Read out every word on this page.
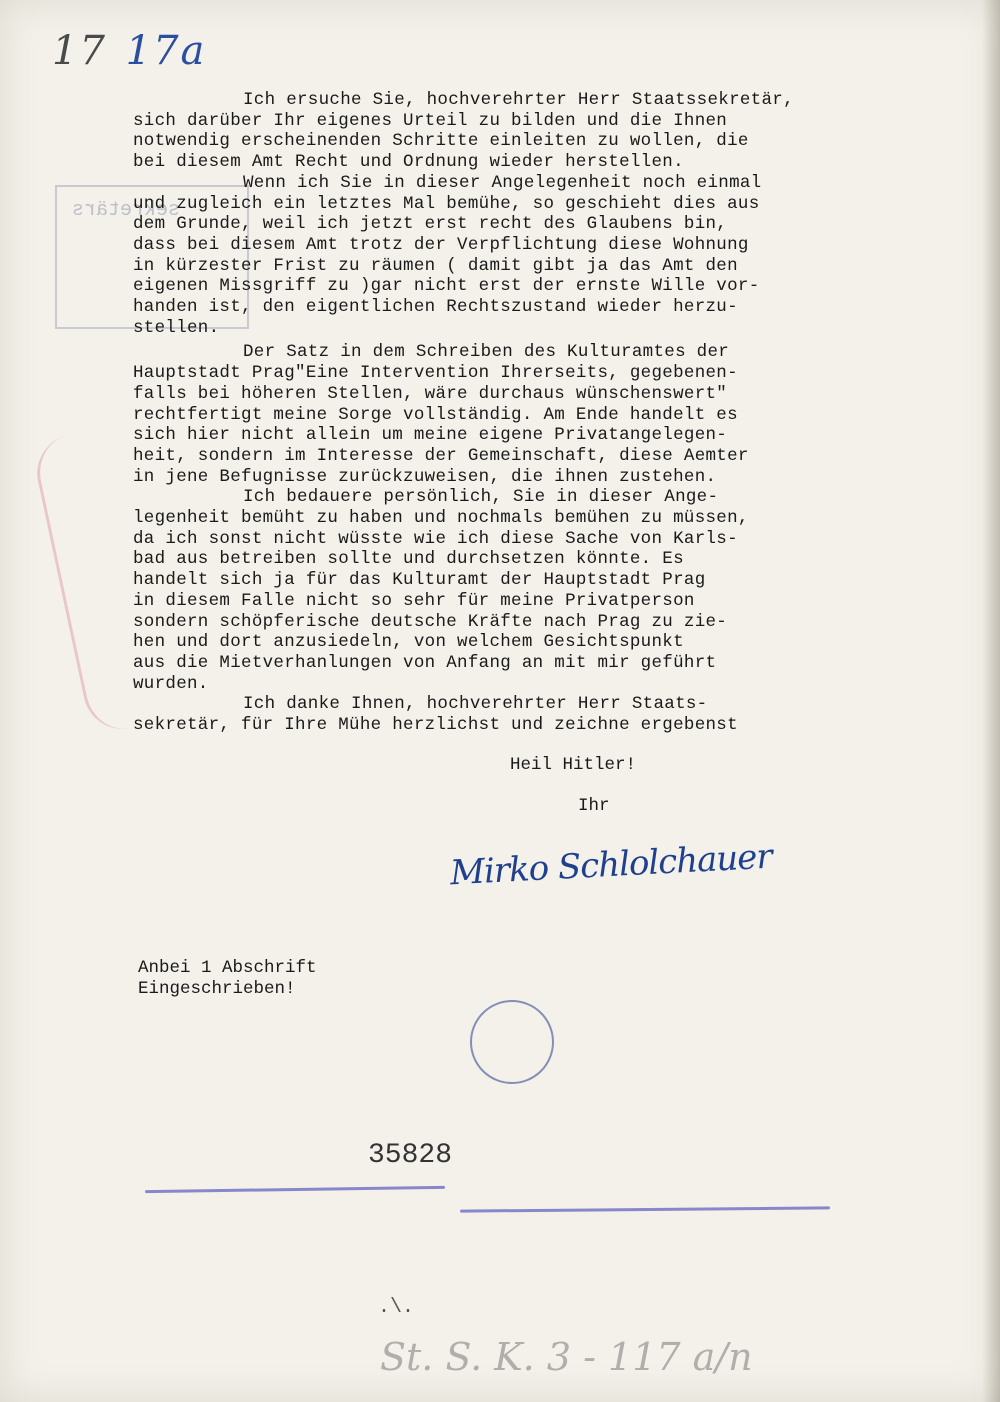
sekretärs
17 17a

Ich ersuche Sie, hochverehrter Herr Staatssekretär,
sich darüber Ihr eigenes Urteil zu bilden und die Ihnen
notwendig erscheinenden Schritte einleiten zu wollen, die
bei diesem Amt Recht und Ordnung wieder herstellen.

Wenn ich Sie in dieser Angelegenheit noch einmal
und zugleich ein letztes Mal bemühe, so geschieht dies aus
dem Grunde, weil ich jetzt erst recht des Glaubens bin,
dass bei diesem Amt trotz der Verpflichtung diese Wohnung
in kürzester Frist zu räumen ( damit gibt ja das Amt den
eigenen Missgriff zu )gar nicht erst der ernste Wille vor-
handen ist, den eigentlichen Rechtszustand wieder herzu-
stellen.

Der Satz in dem Schreiben des Kulturamtes der
Hauptstadt Prag"Eine Intervention Ihrerseits, gegebenen-
falls bei höheren Stellen, wäre durchaus wünschenswert"
rechtfertigt meine Sorge vollständig. Am Ende handelt es
sich hier nicht allein um meine eigene Privatangelegen-
heit, sondern im Interesse der Gemeinschaft, diese Aemter
in jene Befugnisse zurückzuweisen, die ihnen zustehen.

Ich bedauere persönlich, Sie in dieser Ange-
legenheit bemüht zu haben und nochmals bemühen zu müssen,
da ich sonst nicht wüsste wie ich diese Sache von Karls-
bad aus betreiben sollte und durchsetzen könnte. Es
handelt sich ja für das Kulturamt der Hauptstadt Prag
in diesem Falle nicht so sehr für meine Privatperson
sondern schöpferische deutsche Kräfte nach Prag zu zie-
hen und dort anzusiedeln, von welchem Gesichtspunkt
aus die Mietverhanlungen von Anfang an mit mir geführt
wurden.

Ich danke Ihnen, hochverehrter Herr Staats-
sekretär, für Ihre Mühe herzlichst und zeichne ergebenst

Heil Hitler!
Ihr
Mirko Schlolchauer
Anbei 1 Abschrift
Eingeschrieben!
35828
.\.
St. S. K. 3 - 117 a/n
